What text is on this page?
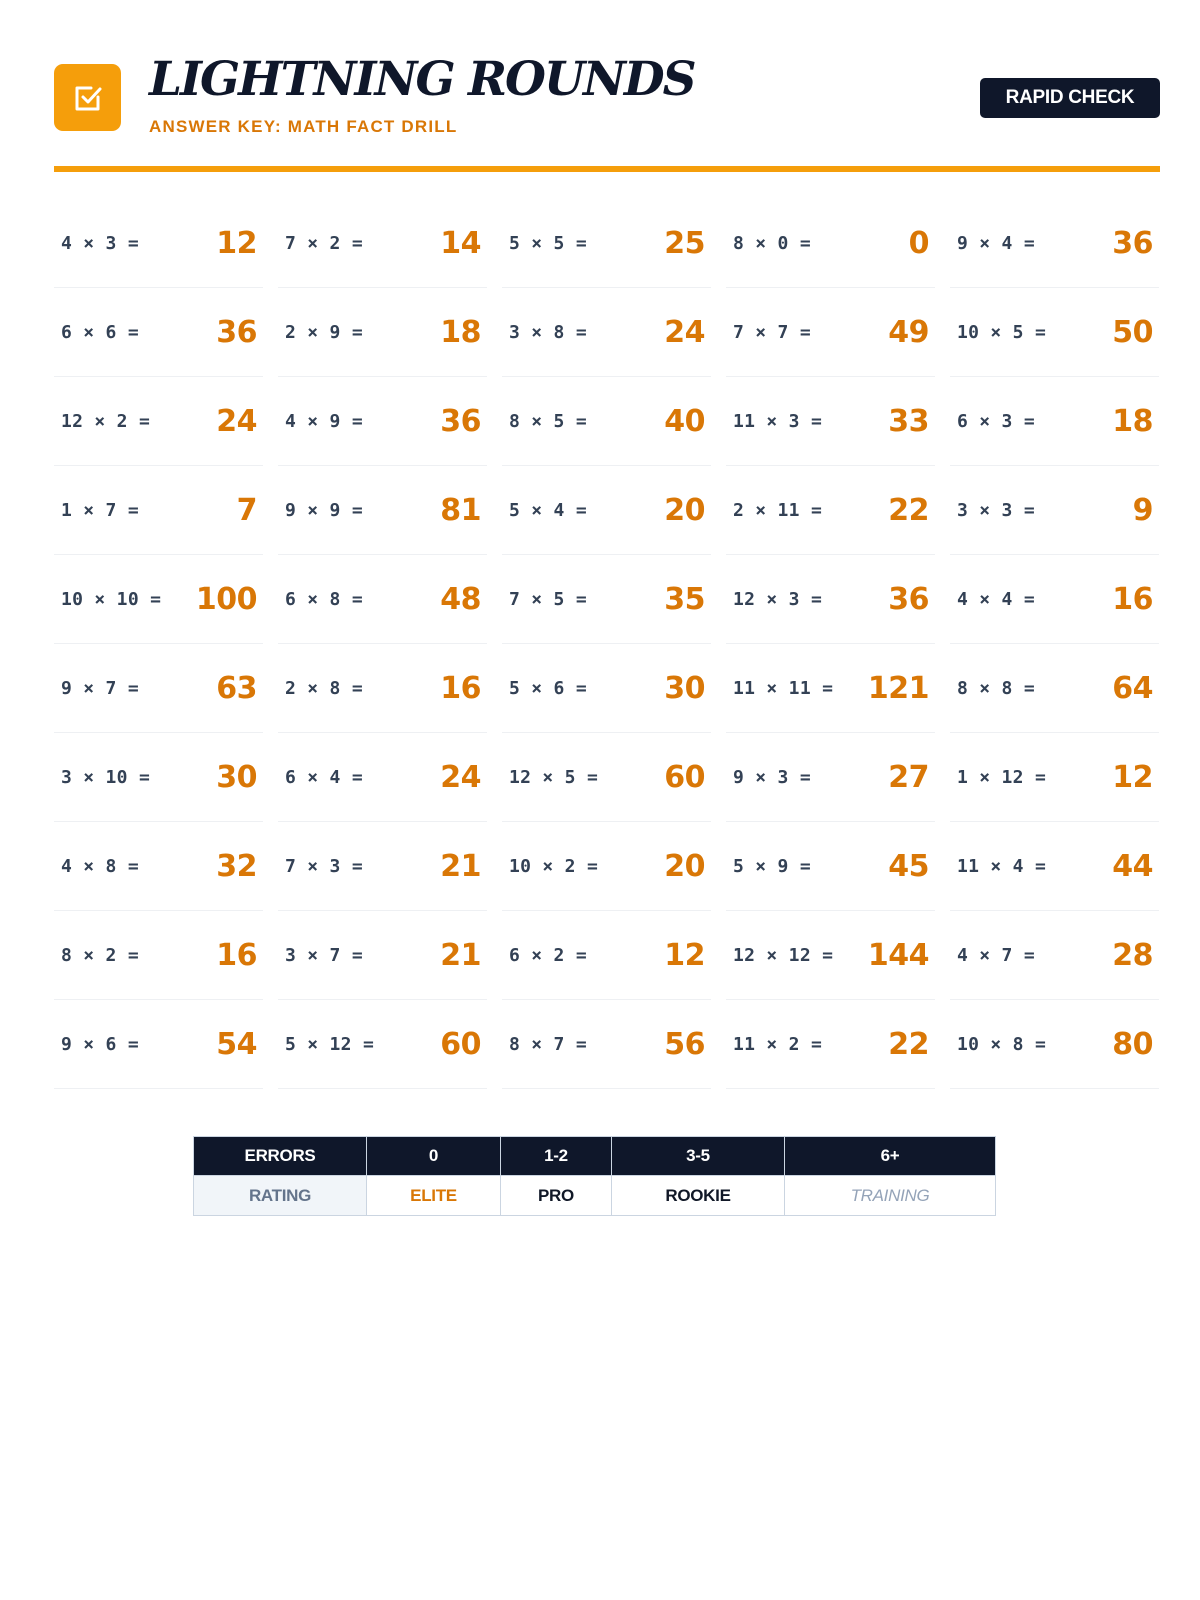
LIGHTNING ROUNDS
ANSWER KEY: MATH FACT DRILL
RAPID CHECK
4 × 3 =	12 7 × 2 =	14 5 × 5 =	25 8 × 0 =	0 9 × 4 =	36
6 × 6 =	36 2 × 9 =	18 3 × 8 =	24 7 × 7 =	49 10 × 5 = 50
12 × 2 = 24 4 × 9 =	36 8 × 5 =	40 11 × 3 = 33 6 × 3 =	18
1 × 7 =	7 9 × 9 =	81 5 × 4 =	20 2 × 11 = 22 3 × 3 =	9
10 × 10 = 100 6 × 8 =	48 7 × 5 =	35 12 × 3 = 36 4 × 4 =	16
9 × 7 =	63 2 × 8 =	16 5 × 6 =	30 11 × 11 = 121 8 × 8 =	64
3 × 10 = 30 6 × 4 =	24 12 × 5 = 60 9 × 3 =	27 1 × 12 = 12
4 × 8 =	32 7 × 3 =	21 10 × 2 = 20 5 × 9 =	45 11 × 4 = 44
8 × 2 =	16 3 × 7 =	21 6 × 2 =	12 12 × 12 = 144 4 × 7 =	28
9 × 6 =	54 5 × 12 = 60 8 × 7 =	56 11 × 2 = 22 10 × 8 = 80
ERRORS	0	1-2	3-5	6+
RATING	ELITE	PRO	ROOKIE	TRAINING
